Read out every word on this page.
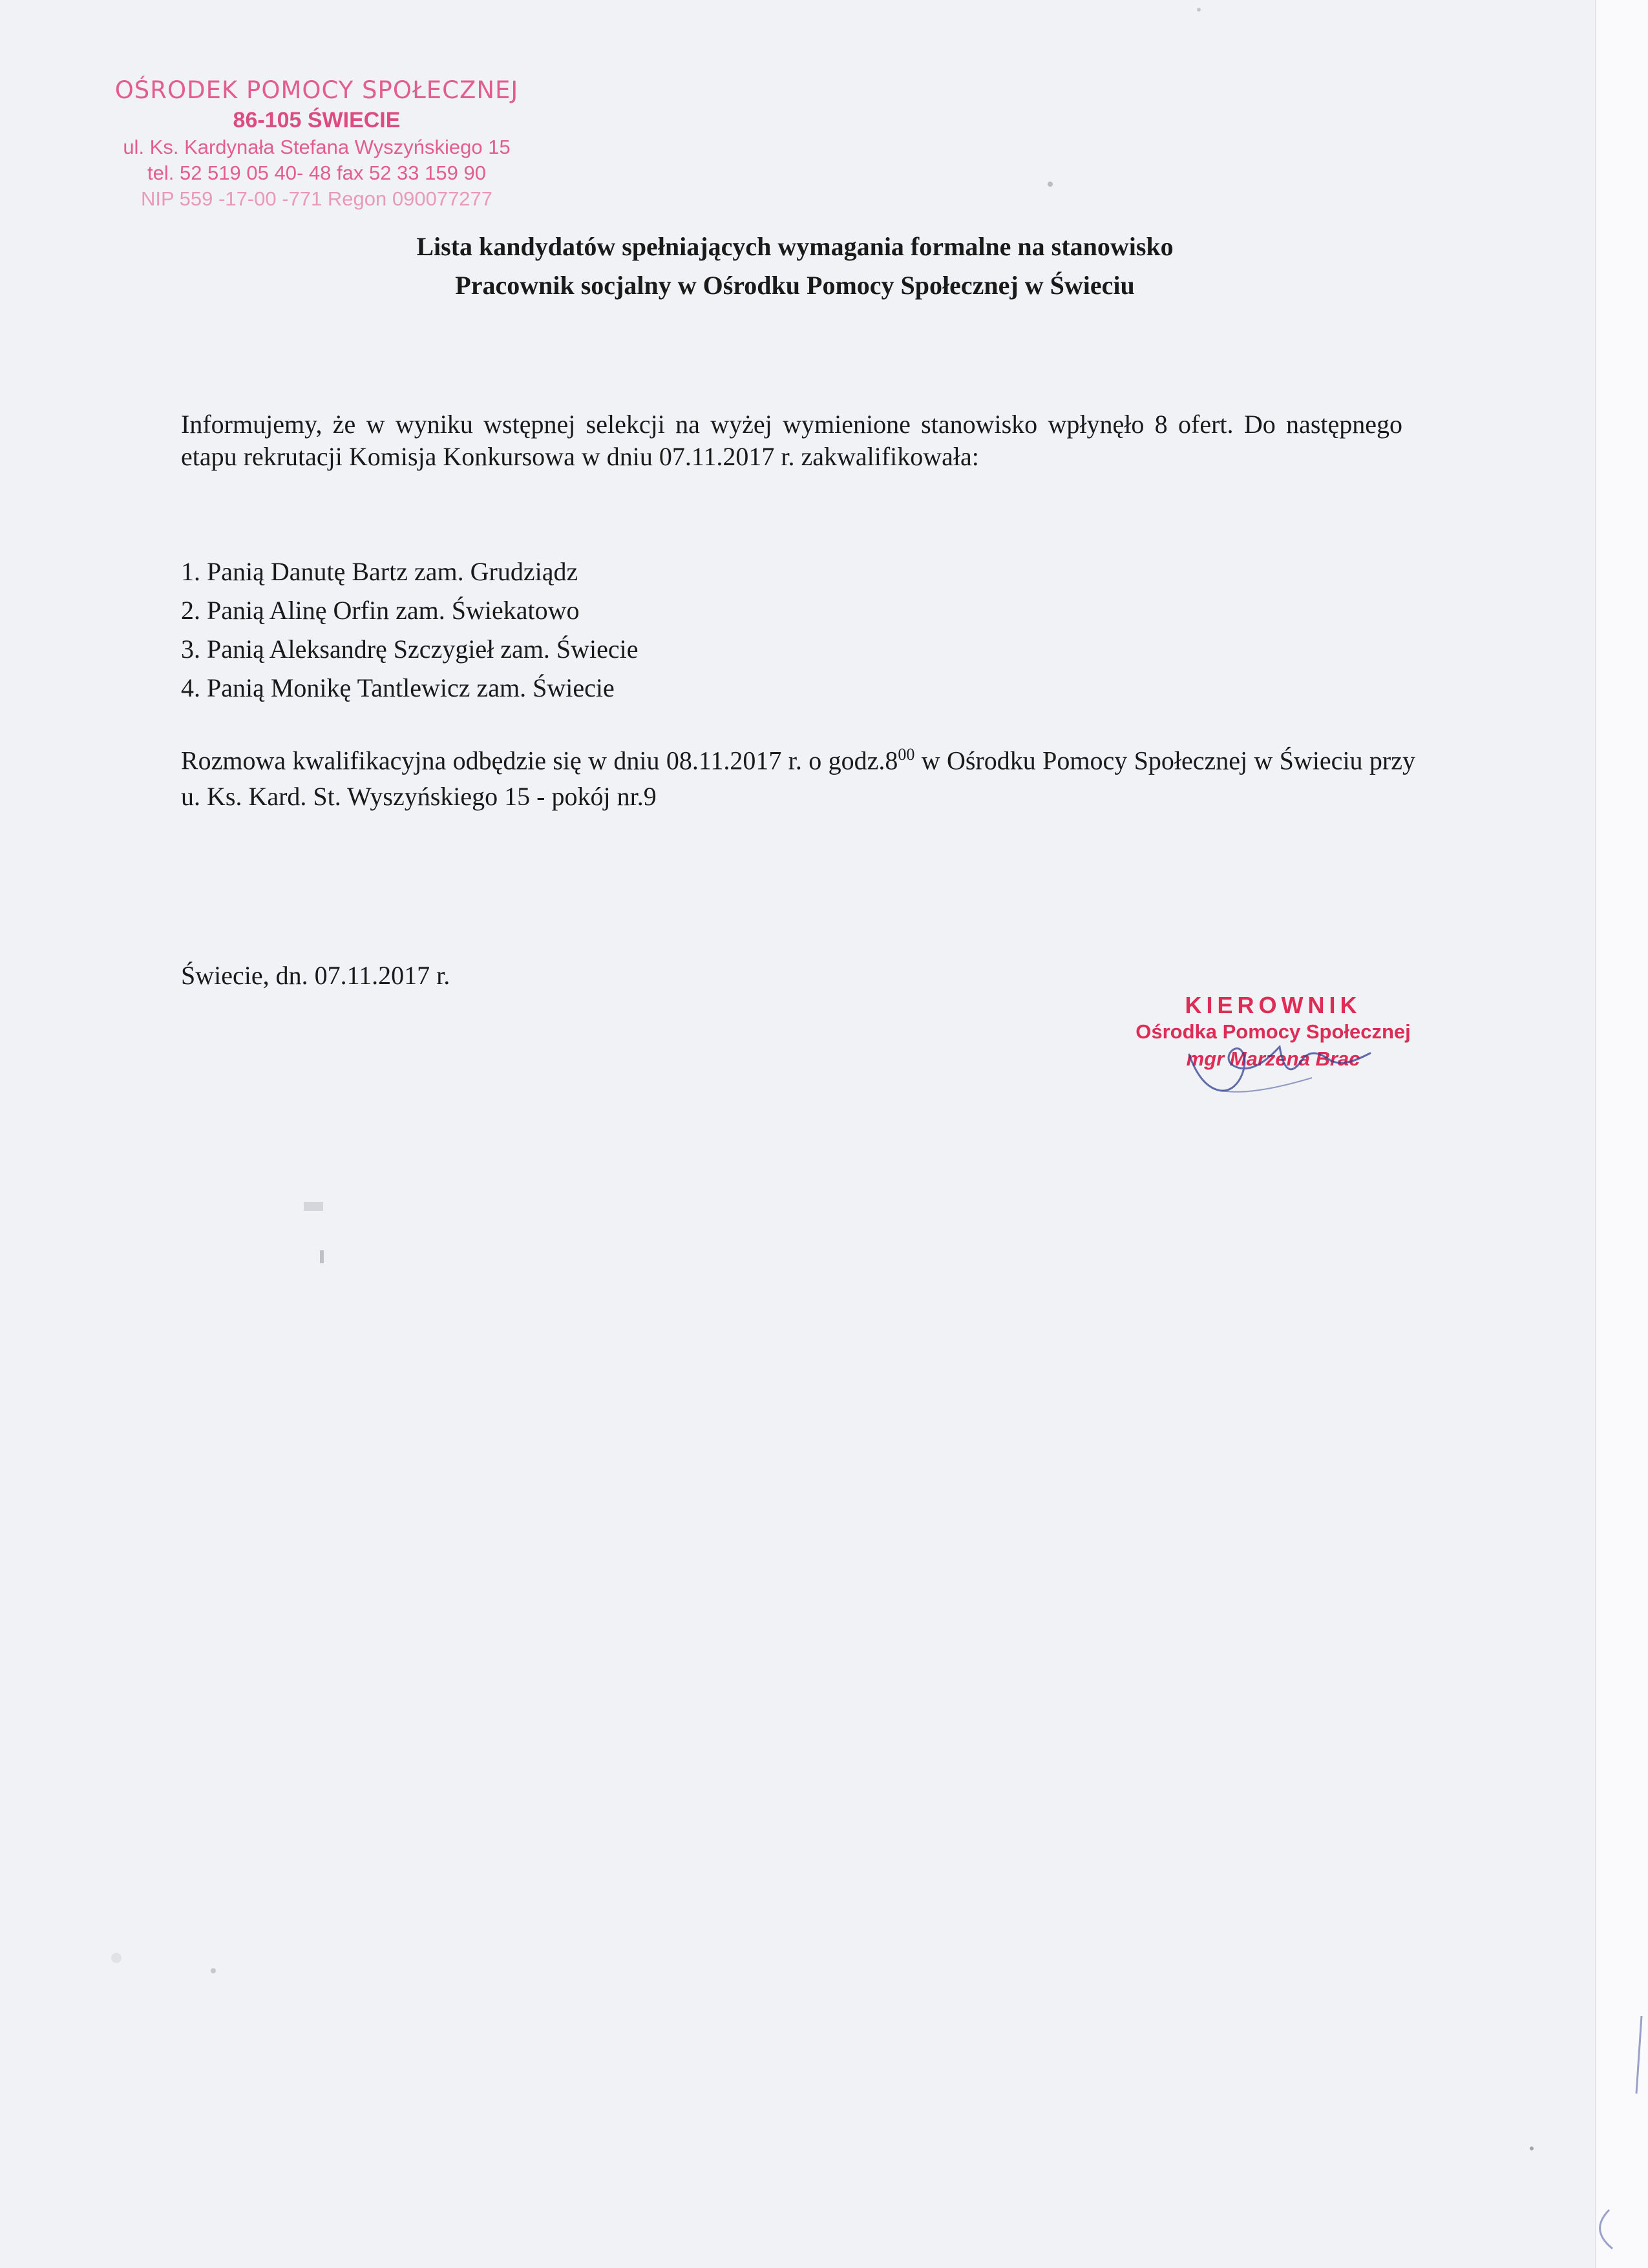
OŚRODEK POMOCY SPOŁECZNEJ
86-105 ŚWIECIE
ul. Ks. Kardynała Stefana Wyszyńskiego 15
tel. 52 519 05 40- 48 fax 52 33 159 90
NIP 559 -17-00 -771 Regon 090077277
Lista kandydatów spełniających wymagania formalne na stanowisko
Pracownik socjalny w Ośrodku Pomocy Społecznej w Świeciu
Informujemy, że w wyniku wstępnej selekcji na wyżej wymienione stanowisko wpłynęło 8 ofert. Do następnego etapu rekrutacji Komisja Konkursowa w dniu 07.11.2017 r. zakwalifikowała:
1. Panią Danutę Bartz zam. Grudziądz
2. Panią Alinę Orfin zam. Świekatowo
3. Panią Aleksandrę Szczygieł zam. Świecie
4. Panią Monikę Tantlewicz zam. Świecie
Rozmowa kwalifikacyjna odbędzie się w dniu 08.11.2017 r. o $godz.8^{00}$ w Ośrodku Pomocy Społecznej w Świeciu przy u. Ks. Kard. St. Wyszyńskiego 15 - pokój nr.9
Świecie, dn. 07.11.2017 r.
KIEROWNIK
Ośrodka Pomocy Społecznej
mgr Marzena Brac
